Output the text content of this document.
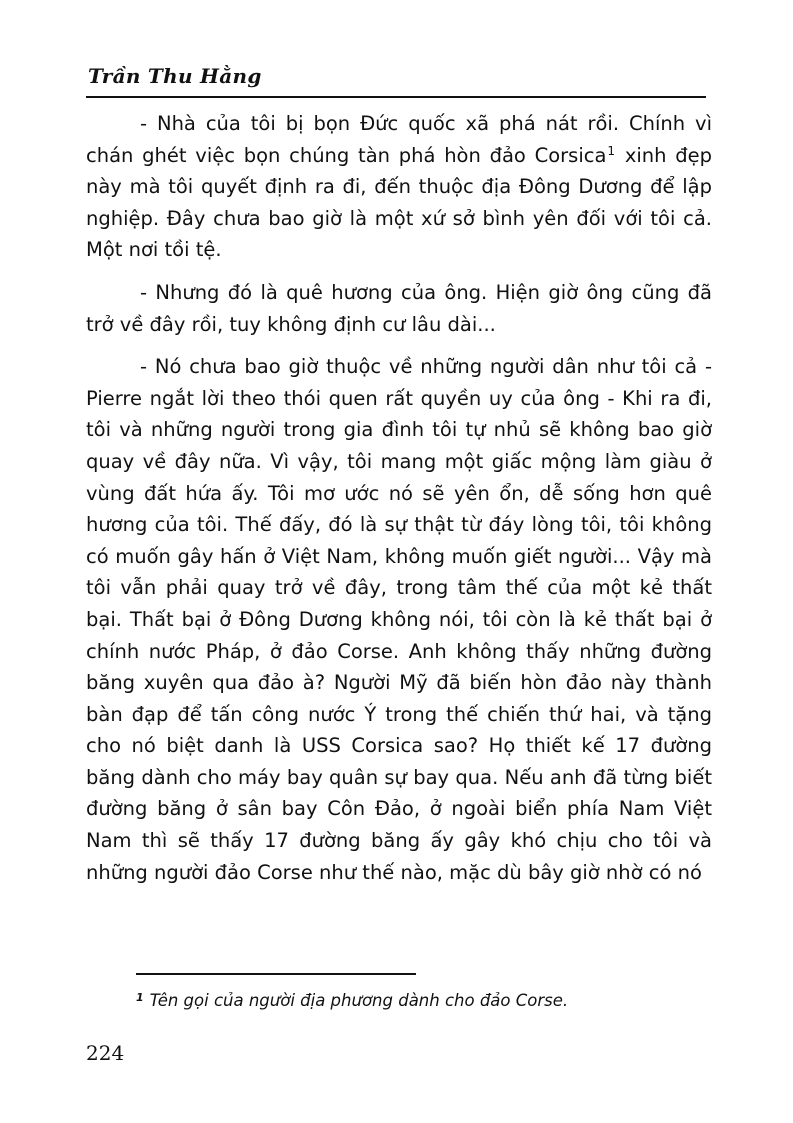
Trần Thu Hằng

- Nhà của tôi bị bọn Đức quốc xã phá nát rồi. Chính vì chán ghét việc bọn chúng tàn phá hòn đảo Corsica$^1$ xinh đẹp này mà tôi quyết định ra đi, đến thuộc địa Đông Dương để lập nghiệp. Đây chưa bao giờ là một xứ sở bình yên đối với tôi cả. Một nơi tồi tệ.

- Nhưng đó là quê hương của ông. Hiện giờ ông cũng đã trở về đây rồi, tuy không định cư lâu dài...

- Nó chưa bao giờ thuộc về những người dân như tôi cả - Pierre ngắt lời theo thói quen rất quyền uy của ông - Khi ra đi, tôi và những người trong gia đình tôi tự nhủ sẽ không bao giờ quay về đây nữa. Vì vậy, tôi mang một giấc mộng làm giàu ở vùng đất hứa ấy. Tôi mơ ước nó sẽ yên ổn, dễ sống hơn quê hương của tôi. Thế đấy, đó là sự thật từ đáy lòng tôi, tôi không có muốn gây hấn ở Việt Nam, không muốn giết người... Vậy mà tôi vẫn phải quay trở về đây, trong tâm thế của một kẻ thất bại. Thất bại ở Đông Dương không nói, tôi còn là kẻ thất bại ở chính nước Pháp, ở đảo Corse. Anh không thấy những đường băng xuyên qua đảo à? Người Mỹ đã biến hòn đảo này thành bàn đạp để tấn công nước Ý trong thế chiến thứ hai, và tặng cho nó biệt danh là USS Corsica sao? Họ thiết kế 17 đường băng dành cho máy bay quân sự bay qua. Nếu anh đã từng biết đường băng ở sân bay Côn Đảo, ở ngoài biển phía Nam Việt Nam thì sẽ thấy 17 đường băng ấy gây khó chịu cho tôi và những người đảo Corse như thế nào, mặc dù bây giờ nhờ có nó

$^1$ Tên gọi của người địa phương dành cho đảo Corse.
224
